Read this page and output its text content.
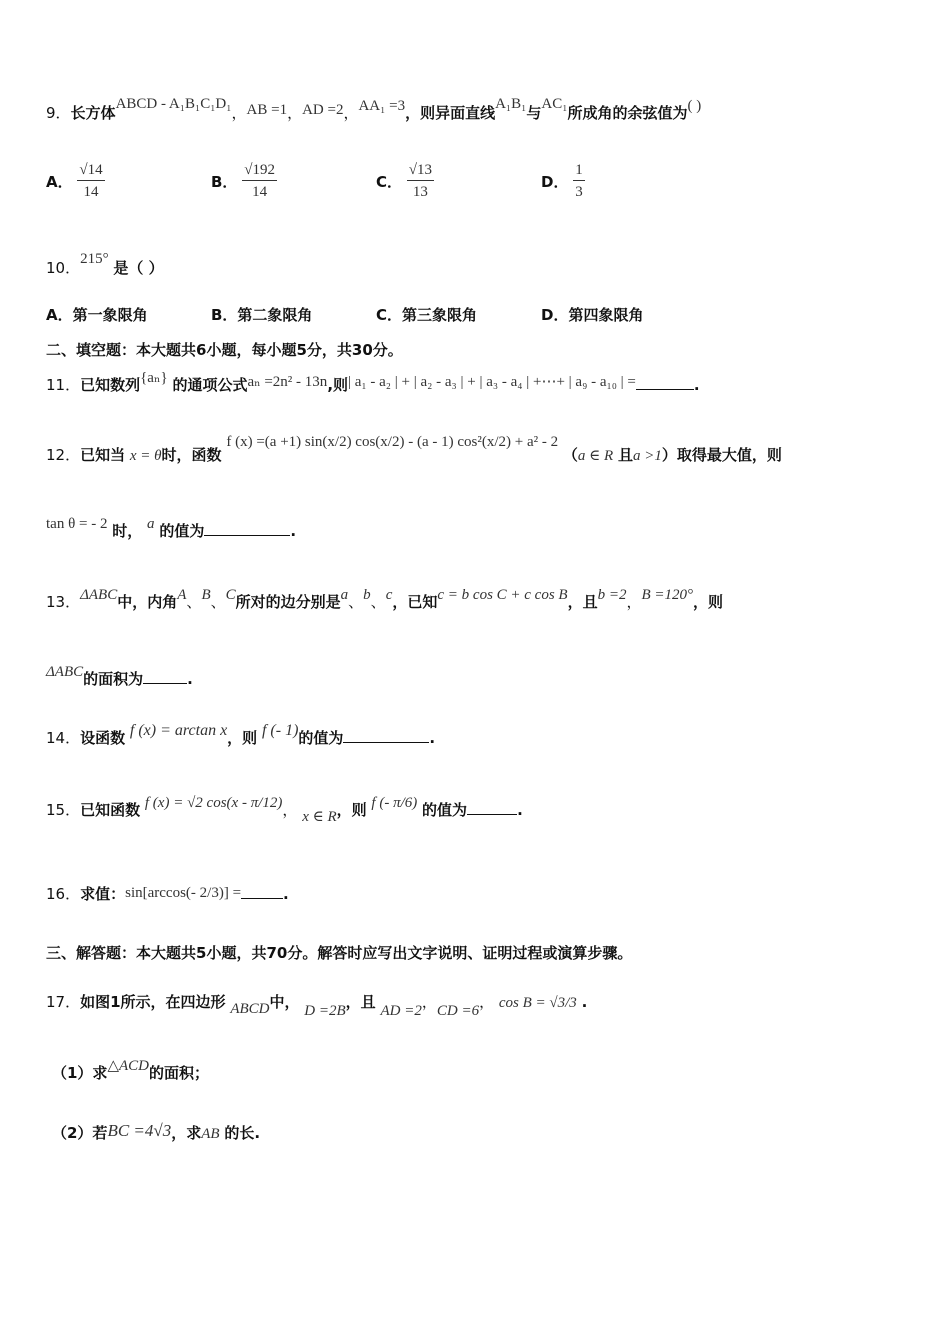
9．长方体ABCD - A₁B₁C₁D₁，AB =1，AD =2，AA₁ =3，则异面直线A₁B₁与AC₁所成角的余弦值为( )
A． $\frac{√14}{14}$	B． $\frac{√192}{14}$	C． $\frac{√13}{13}$	D． $\frac{1}{3}$
10．215° 是（ ）
A．第一象限角	B．第二象限角	C．第三象限角	D．第四象限角
二、填空题：本大题共6小题，每小题5分，共30分。
11．已知数列{aₙ} 的通项公式aₙ =2n² - 13n,则| a₁ - a₂ | + | a₂ - a₃ | + | a₃ - a₄ | +⋯+ | a₉ - a₁₀ | =	.
12．已知当 x = θ时，函数 f (x) =(a +1) sin(x/2) cos(x/2) - (a - 1) cos²(x/2) + a² - 2 （a ∈ R 且a >1）取得最大值，则
tan θ = - 2 时， a 的值为	.
13．ΔABC中，内角A、B、C所对的边分别是a、b、c，已知c = b cos C + c cos B，且b =2，B =120°，则
ΔABC的面积为	.
14．设函数 f (x) = arctan x，则 f (- 1)的值为	.
15．已知函数 f (x) = √2 cos(x - π/12)， x ∈ R，则 f (- π/6) 的值为	.
16．求值：sin[arccos(- 2/3)] =	.
三、解答题：本大题共5小题，共70分。解答时应写出文字说明、证明过程或演算步骤。
17．如图1所示，在四边形 ABCD中， D =2B，且 AD =2，CD =6， cos B = √3/3 .
（1）求△ACD的面积；
（2）若BC =4√3，求AB 的长.
